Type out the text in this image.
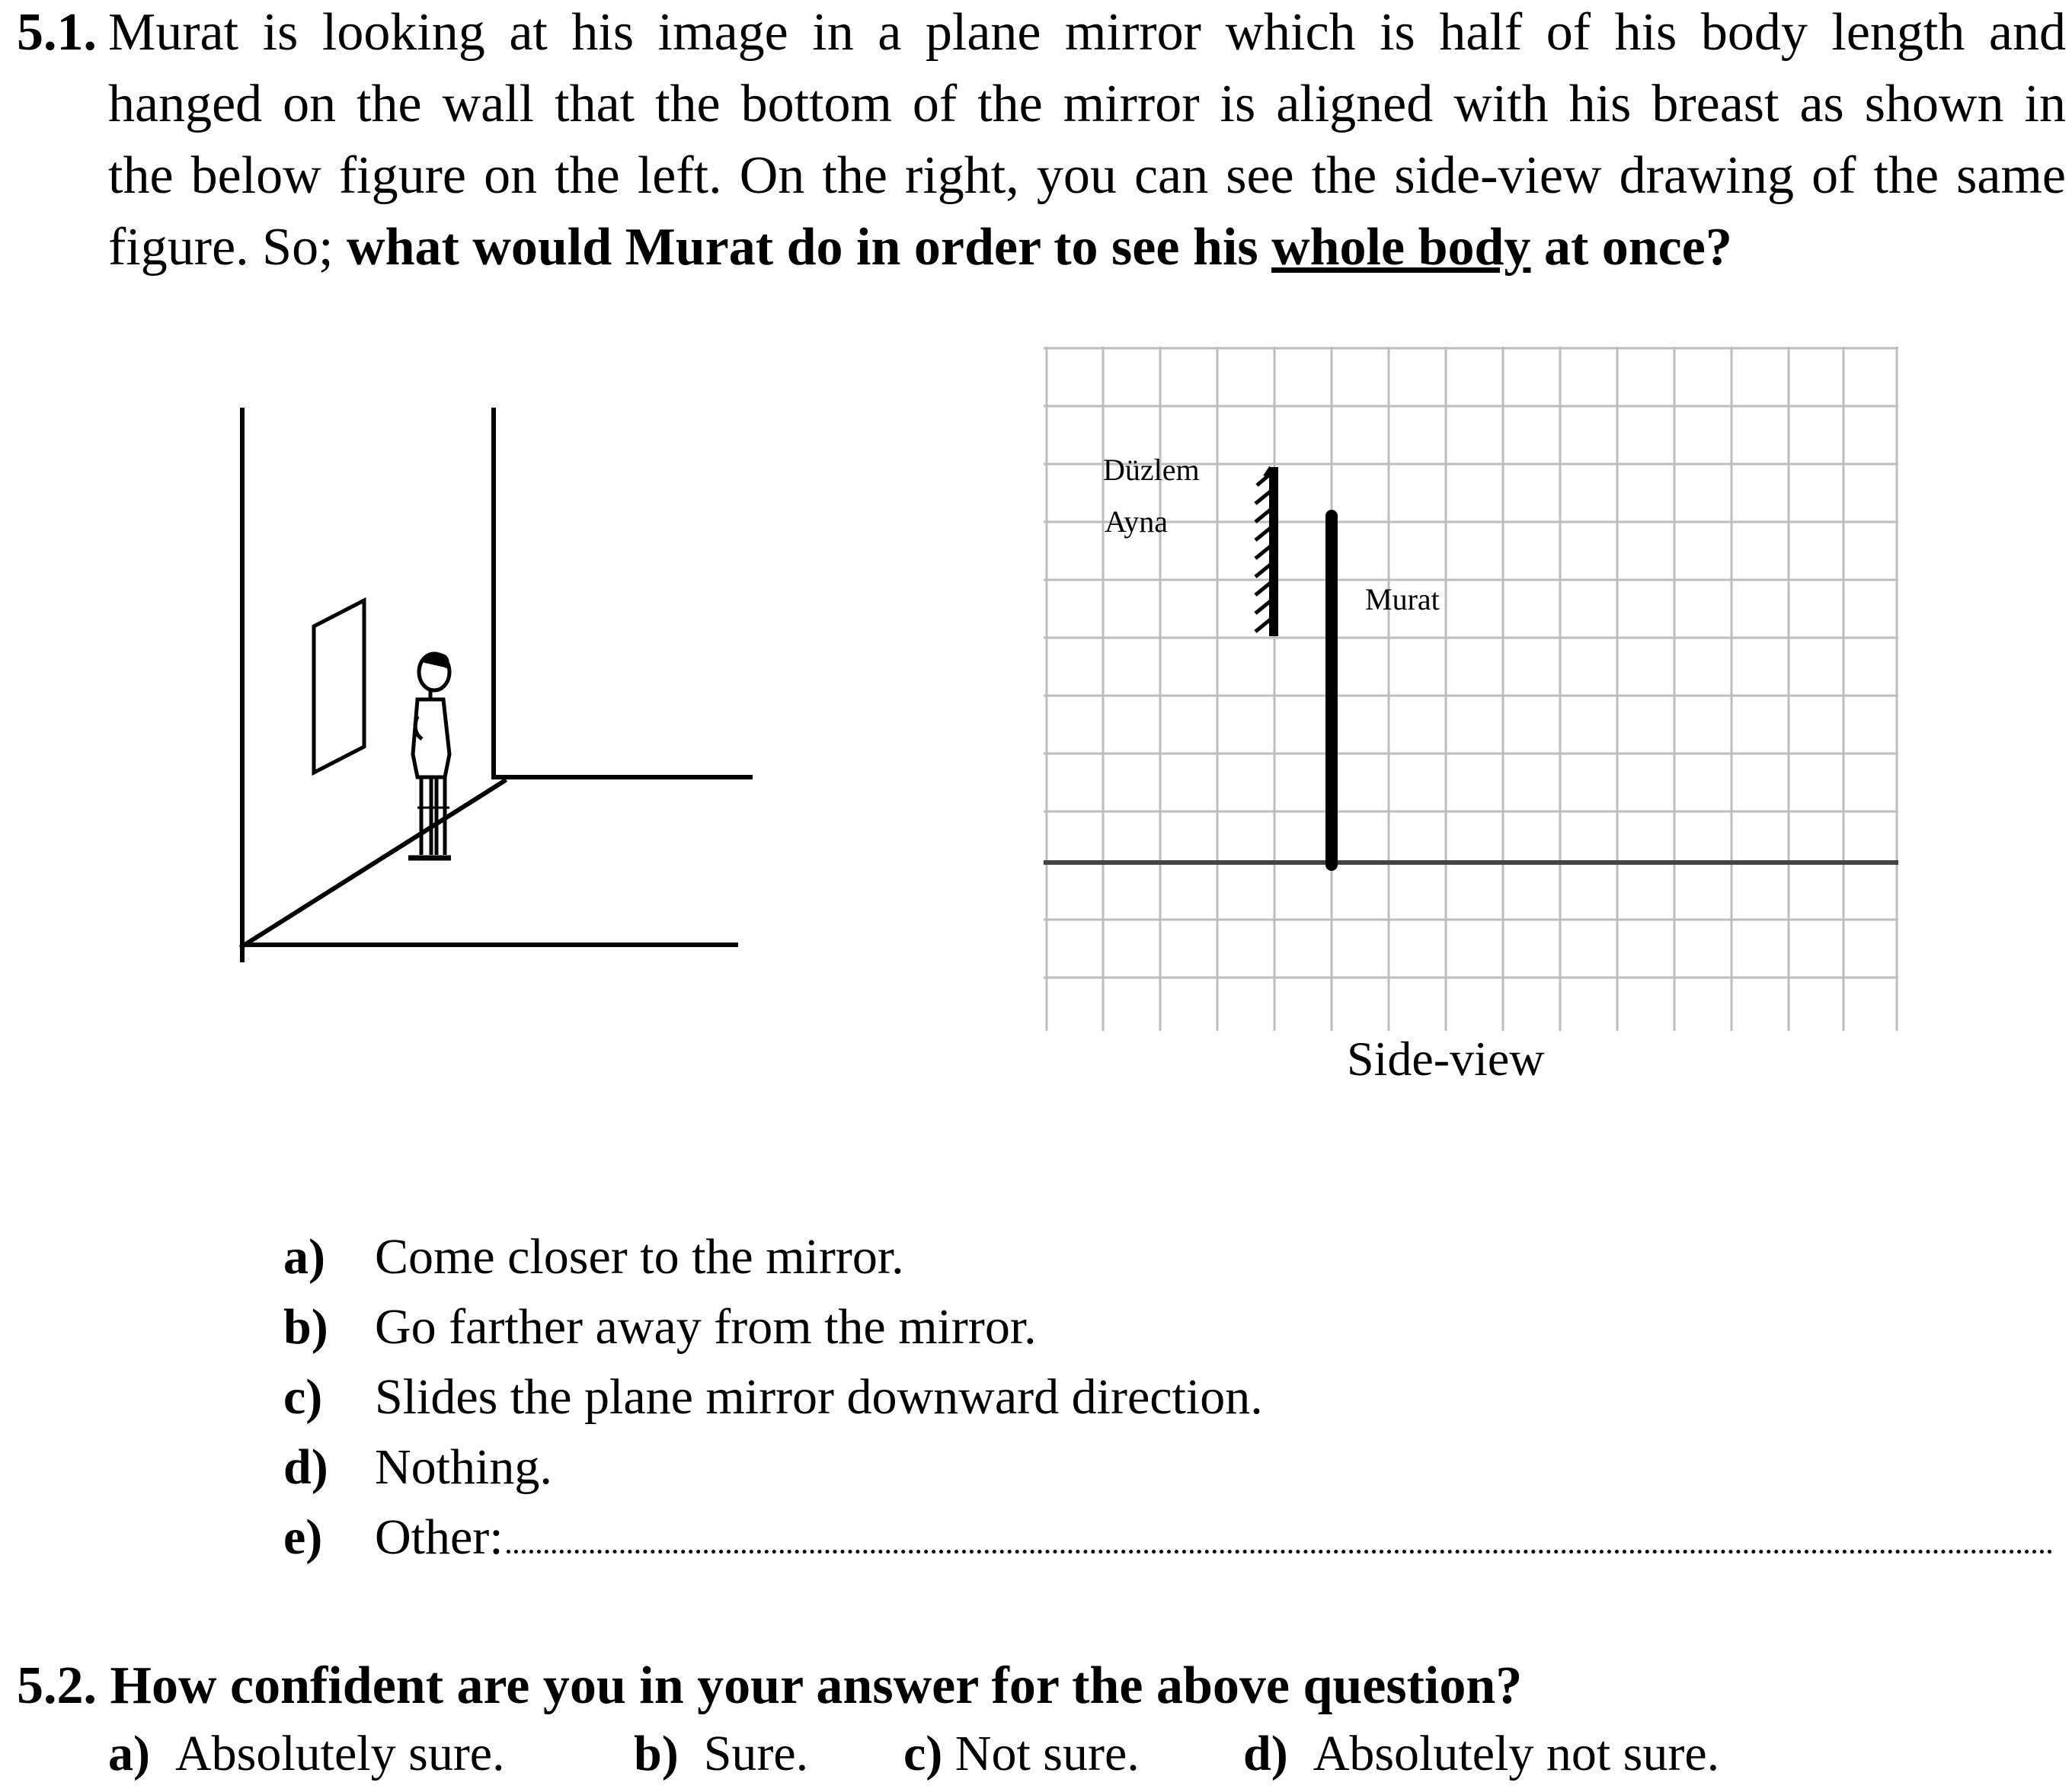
5.1. Murat is looking at his image in a plane mirror which is half of his body length and
hanged on the wall that the bottom of the mirror is aligned with his breast as shown in
the below figure on the left. On the right, you can see the side-view drawing of the same
figure. So; what would Murat do in order to see his whole body at once?
Düzlem
Ayna
Murat
Side-view
a) Come closer to the mirror.
b) Go farther away from the mirror.
c) Slides the plane mirror downward direction.
d) Nothing.
e) Other:
5.2. How confident are you in your answer for the above question?
a) Absolutely sure.	b) Sure. c) Not sure. d) Absolutely not sure.
